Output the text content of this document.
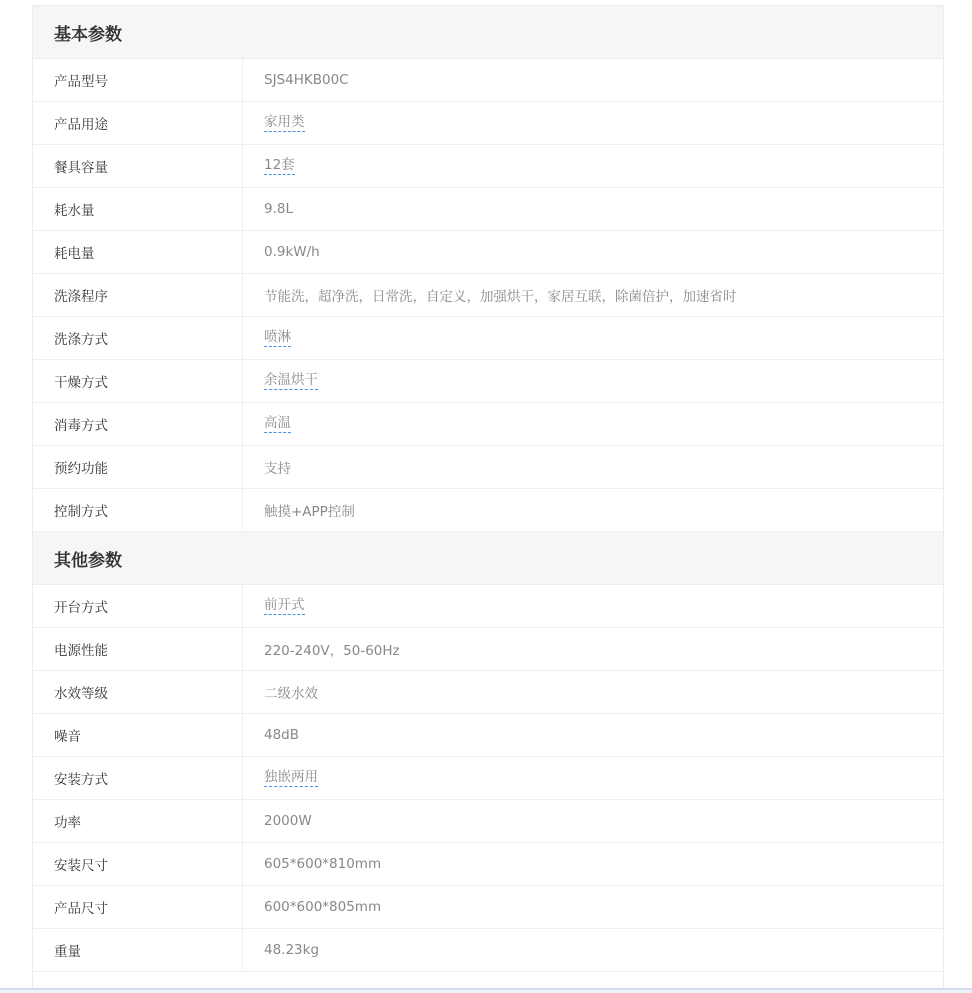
基本参数
产品型号	SJS4HKB00C
产品用途	家用类
餐具容量	12套
耗水量	9.8L
耗电量	0.9kW/h
洗涤程序	节能洗，超净洗，日常洗，自定义，加强烘干，家居互联，除菌倍护，加速省时
洗涤方式	喷淋
干燥方式	余温烘干
消毒方式	高温
预约功能	支持
控制方式	触摸+APP控制
其他参数
开台方式	前开式
电源性能	220-240V，50-60Hz
水效等级	二级水效
噪音	48dB
安装方式	独嵌两用
功率	2000W
安装尺寸	605*600*810mm
产品尺寸	600*600*805mm
重量	48.23kg
